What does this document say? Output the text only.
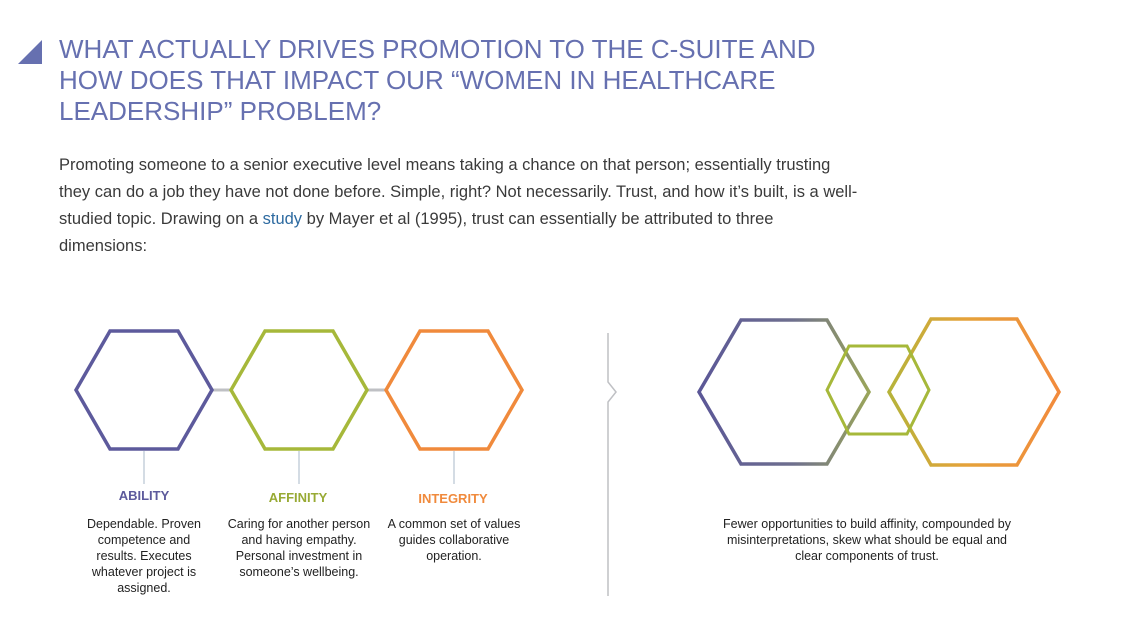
WHAT ACTUALLY DRIVES PROMOTION TO THE C-SUITE AND HOW DOES THAT IMPACT OUR “WOMEN IN HEALTHCARE LEADERSHIP” PROBLEM?

Promoting someone to a senior executive level means taking a chance on that person; essentially trusting they can do a job they have not done before. Simple, right? Not necessarily. Trust, and how it’s built, is a well-studied topic. Drawing on a study by Mayer et al (1995), trust can essentially be attributed to three dimensions:

ABILITY	AFFINITY	INTEGRITY
Dependable. Proven competence and results. Executes whatever project is assigned.
Caring for another person and having empathy. Personal investment in someone’s wellbeing.
A common set of values guides collaborative operation.
Fewer opportunities to build affinity, compounded by misinterpretations, skew what should be equal and clear components of trust.
